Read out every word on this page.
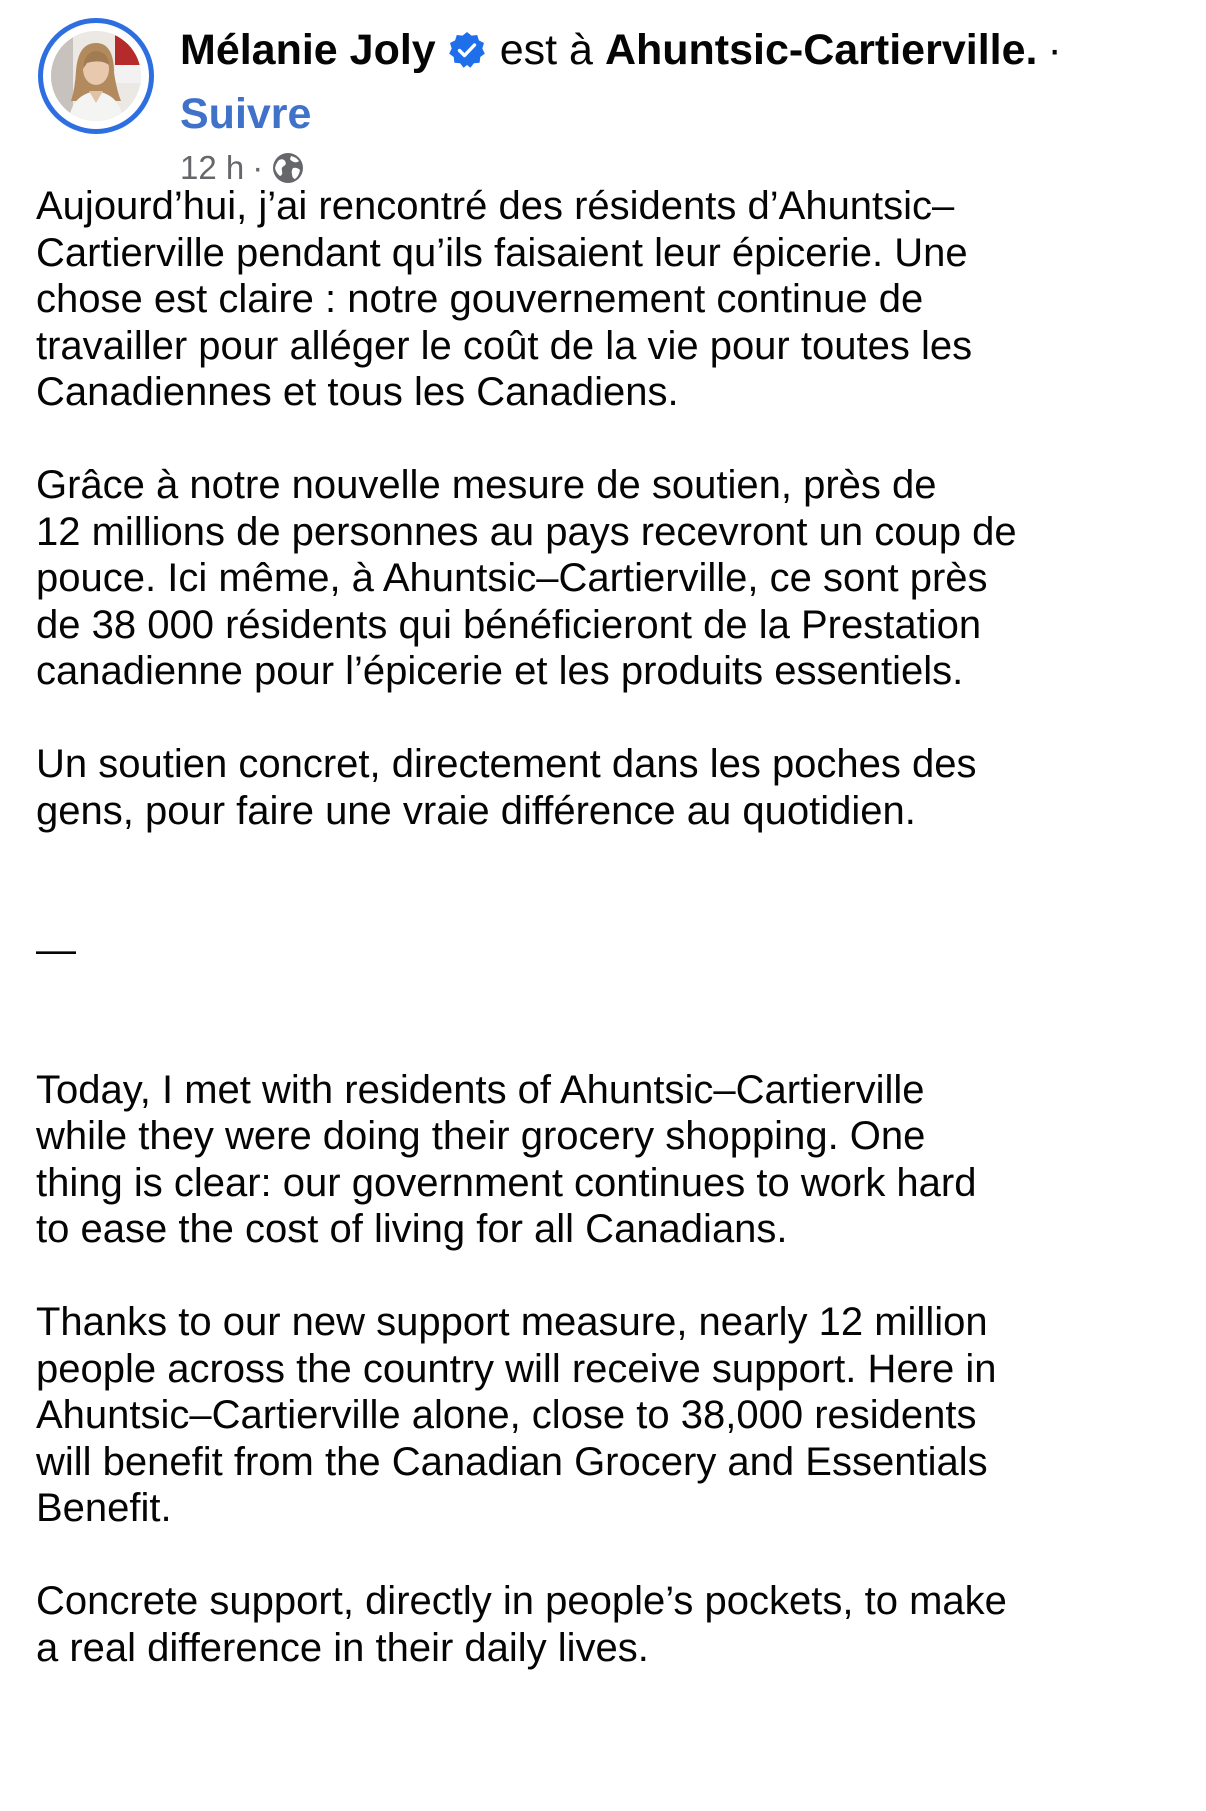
Mélanie Joly est à Ahuntsic-Cartierville. ·
Suivre
12 h ·

Aujourd’hui, j’ai rencontré des résidents d’Ahuntsic–
Cartierville pendant qu’ils faisaient leur épicerie. Une
chose est claire : notre gouvernement continue de
travailler pour alléger le coût de la vie pour toutes les
Canadiennes et tous les Canadiens.

Grâce à notre nouvelle mesure de soutien, près de
12 millions de personnes au pays recevront un coup de
pouce. Ici même, à Ahuntsic–Cartierville, ce sont près
de 38 000 résidents qui bénéficieront de la Prestation
canadienne pour l’épicerie et les produits essentiels.

Un soutien concret, directement dans les poches des
gens, pour faire une vraie différence au quotidien.

—

Today, I met with residents of Ahuntsic–Cartierville
while they were doing their grocery shopping. One
thing is clear: our government continues to work hard
to ease the cost of living for all Canadians.

Thanks to our new support measure, nearly 12 million
people across the country will receive support. Here in
Ahuntsic–Cartierville alone, close to 38,000 residents
will benefit from the Canadian Grocery and Essentials
Benefit.

Concrete support, directly in people’s pockets, to make
a real difference in their daily lives.
